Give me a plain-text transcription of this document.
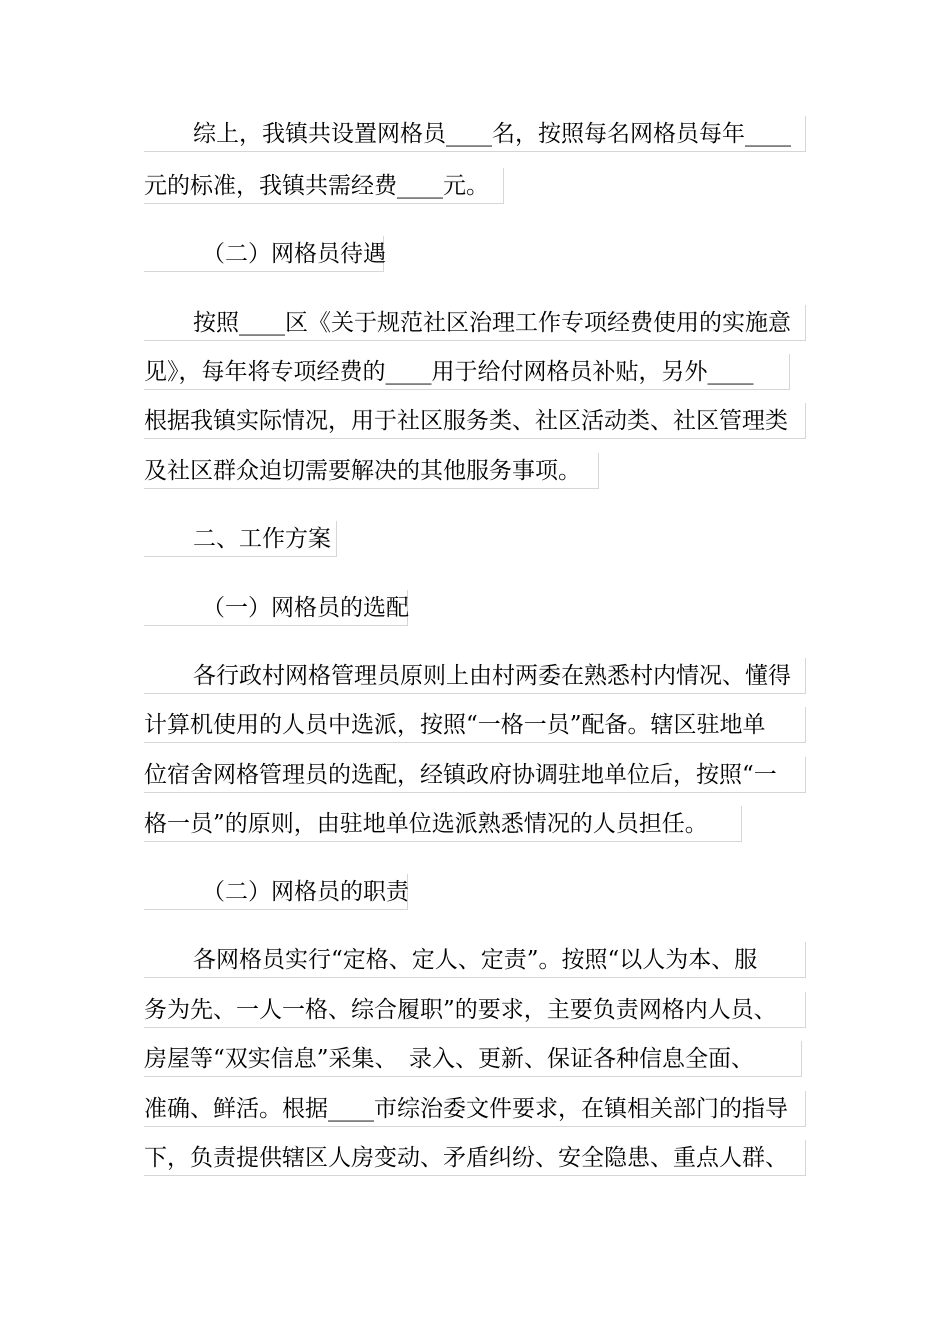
综上，我镇共设置网格员____名，按照每名网格员每年____
元的标准，我镇共需经费____元。
（二）网格员待遇
按照____区《关于规范社区治理工作专项经费使用的实施意
见》，每年将专项经费的____用于给付网格员补贴，另外____
根据我镇实际情况，用于社区服务类、社区活动类、社区管理类
及社区群众迫切需要解决的其他服务事项。
二、工作方案
（一）网格员的选配
各行政村网格管理员原则上由村两委在熟悉村内情况、懂得
计算机使用的人员中选派，按照“一格一员”配备。辖区驻地单
位宿舍网格管理员的选配，经镇政府协调驻地单位后，按照“一
格一员”的原则，由驻地单位选派熟悉情况的人员担任。
（二）网格员的职责
各网格员实行“定格、定人、定责”。按照“以人为本、服
务为先、一人一格、综合履职”的要求，主要负责网格内人员、
房屋等“双实信息”采集、　录入、更新、保证各种信息全面、
准确、鲜活。根据____市综治委文件要求，在镇相关部门的指导
下，负责提供辖区人房变动、矛盾纠纷、安全隐患、重点人群、
